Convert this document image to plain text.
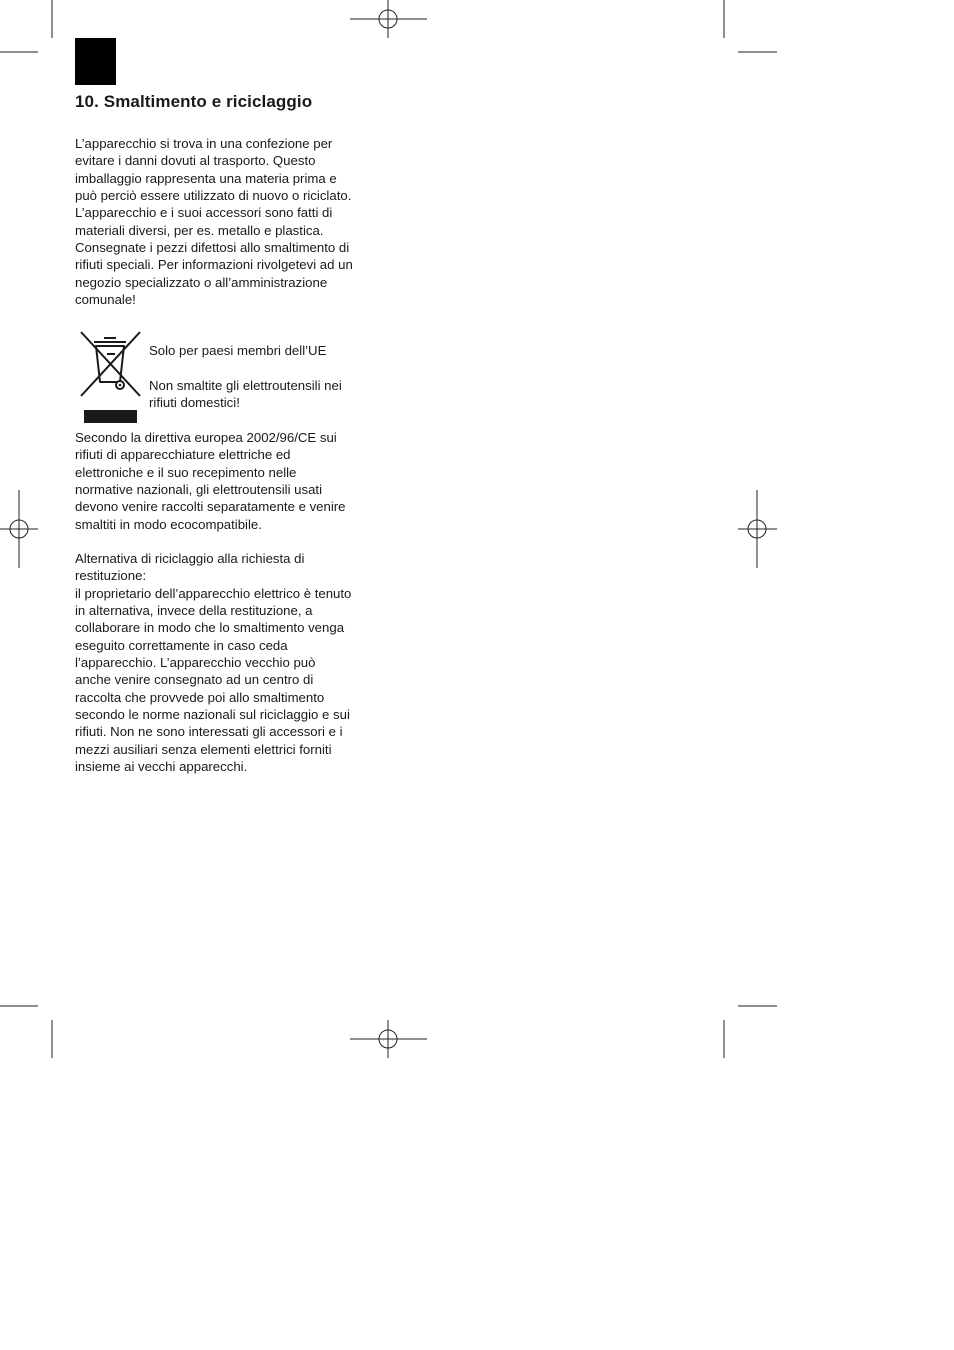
10. Smaltimento e riciclaggio

L’apparecchio si trova in una confezione per
evitare i danni dovuti al trasporto. Questo
imballaggio rappresenta una materia prima e
può perciò essere utilizzato di nuovo o riciclato.
L’apparecchio e i suoi accessori sono fatti di
materiali diversi, per es. metallo e plastica.
Consegnate i pezzi difettosi allo smaltimento di
rifiuti speciali. Per informazioni rivolgetevi ad un
negozio specializzato o all’amministrazione
comunale!

Solo per paesi membri dell’UE

Non smaltite gli elettroutensili nei
rifiuti domestici!

Secondo la direttiva europea 2002/96/CE sui
rifiuti di apparecchiature elettriche ed
elettroniche e il suo recepimento nelle
normative nazionali, gli elettroutensili usati
devono venire raccolti separatamente e venire
smaltiti in modo ecocompatibile.

Alternativa di riciclaggio alla richiesta di
restituzione:
il proprietario dell’apparecchio elettrico è tenuto
in alternativa, invece della restituzione, a
collaborare in modo che lo smaltimento venga
eseguito correttamente in caso ceda
l’apparecchio. L’apparecchio vecchio può
anche venire consegnato ad un centro di
raccolta che provvede poi allo smaltimento
secondo le norme nazionali sul riciclaggio e sui
rifiuti. Non ne sono interessati gli accessori e i
mezzi ausiliari senza elementi elettrici forniti
insieme ai vecchi apparecchi.
